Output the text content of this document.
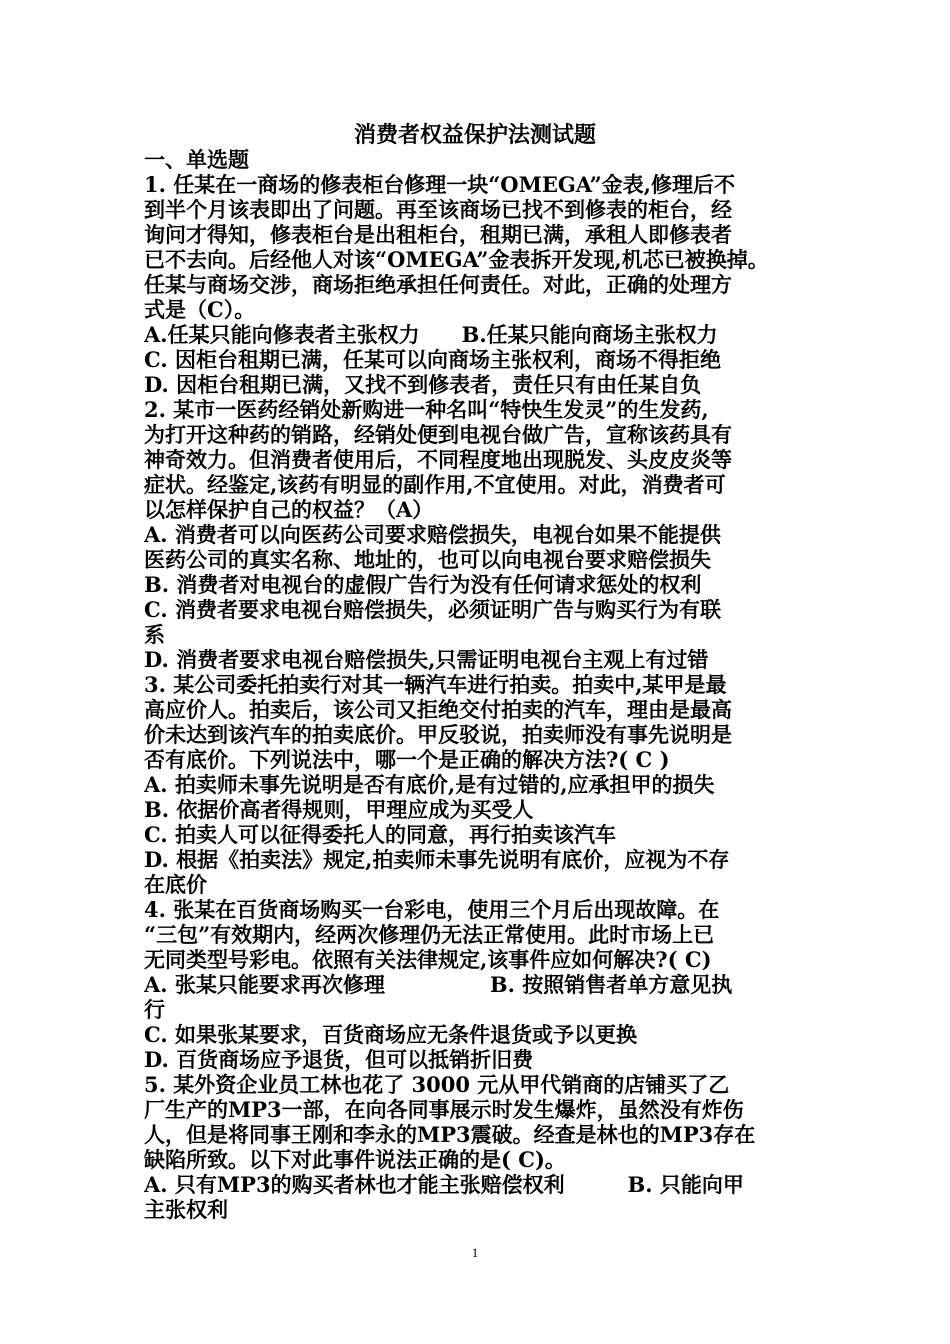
消费者权益保护法测试题
一、单选题
1. 任某在一商场的修表柜台修理一块“OMEGA”金表,修理后不
到半个月该表即出了问题。再至该商场已找不到修表的柜台，经
询问才得知，修表柜台是出租柜台，租期已满，承租人即修表者
已不去向。后经他人对该“OMEGA”金表拆开发现,机芯已被换掉。
任某与商场交涉，商场拒绝承担任何责任。对此，正确的处理方
式是（C）。
A.任某只能向修表者主张权力　　B.任某只能向商场主张权力
C. 因柜台租期已满，任某可以向商场主张权利，商场不得拒绝
D. 因柜台租期已满，又找不到修表者，责任只有由任某自负
2. 某市一医药经销处新购进一种名叫“特快生发灵”的生发药,
为打开这种药的销路，经销处便到电视台做广告，宣称该药具有
神奇效力。但消费者使用后，不同程度地出现脱发、头皮皮炎等
症状。经鉴定,该药有明显的副作用,不宜使用。对此，消费者可
以怎样保护自己的权益？（A）
A. 消费者可以向医药公司要求赔偿损失，电视台如果不能提供
医药公司的真实名称、地址的，也可以向电视台要求赔偿损失
B. 消费者对电视台的虚假广告行为没有任何请求惩处的权利
C. 消费者要求电视台赔偿损失，必须证明广告与购买行为有联
系
D. 消费者要求电视台赔偿损失,只需证明电视台主观上有过错
3. 某公司委托拍卖行对其一辆汽车进行拍卖。拍卖中,某甲是最
高应价人。拍卖后，该公司又拒绝交付拍卖的汽车，理由是最高
价未达到该汽车的拍卖底价。甲反驳说，拍卖师没有事先说明是
否有底价。下列说法中，哪一个是正确的解决方法?( C )
A. 拍卖师未事先说明是否有底价,是有过错的,应承担甲的损失
B. 依据价高者得规则，甲理应成为买受人
C. 拍卖人可以征得委托人的同意，再行拍卖该汽车
D. 根据《拍卖法》规定,拍卖师未事先说明有底价，应视为不存
在底价
4. 张某在百货商场购买一台彩电，使用三个月后出现故障。在
“三包”有效期内，经两次修理仍无法正常使用。此时市场上已
无同类型号彩电。依照有关法律规定,该事件应如何解决?( C)
A. 张某只能要求再次修理　　　　　B. 按照销售者单方意见执
行
C. 如果张某要求，百货商场应无条件退货或予以更换
D. 百货商场应予退货，但可以抵销折旧费
5. 某外资企业员工林也花了 3000 元从甲代销商的店铺买了乙
厂生产的MP3一部，在向各同事展示时发生爆炸，虽然没有炸伤
人，但是将同事王刚和李永的MP3震破。经查是林也的MP3存在
缺陷所致。以下对此事件说法正确的是( C)。
A. 只有MP3的购买者林也才能主张赔偿权利　　　B. 只能向甲
主张权利
1
